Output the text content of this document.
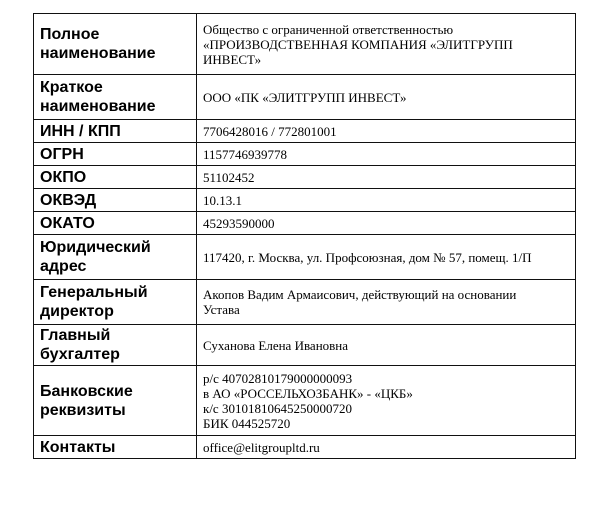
Полное наименование	Общество с ограниченной ответственностью
«ПРОИЗВОДСТВЕННАЯ КОМПАНИЯ «ЭЛИТГРУПП
ИНВЕСТ»

Краткое наименование	ООО «ПК «ЭЛИТГРУПП ИНВЕСТ»

ИНН / КПП	7706428016 / 772801001

ОГРН	1157746939778

ОКПО	51102452

ОКВЭД	10.13.1

ОКАТО	45293590000

Юридический адрес	117420, г. Москва, ул. Профсоюзная, дом № 57, помещ. 1/П

Генеральный директор	Акопов Вадим Армаисович, действующий на основании
Устава

Главный бухгалтер	Суханова Елена Ивановна

Банковские реквизиты	р/с 40702810179000000093
в АО «РОССЕЛЬХОЗБАНК» - «ЦКБ»
к/с 30101810645250000720
БИК 044525720

Контакты	office@elitgroupltd.ru
